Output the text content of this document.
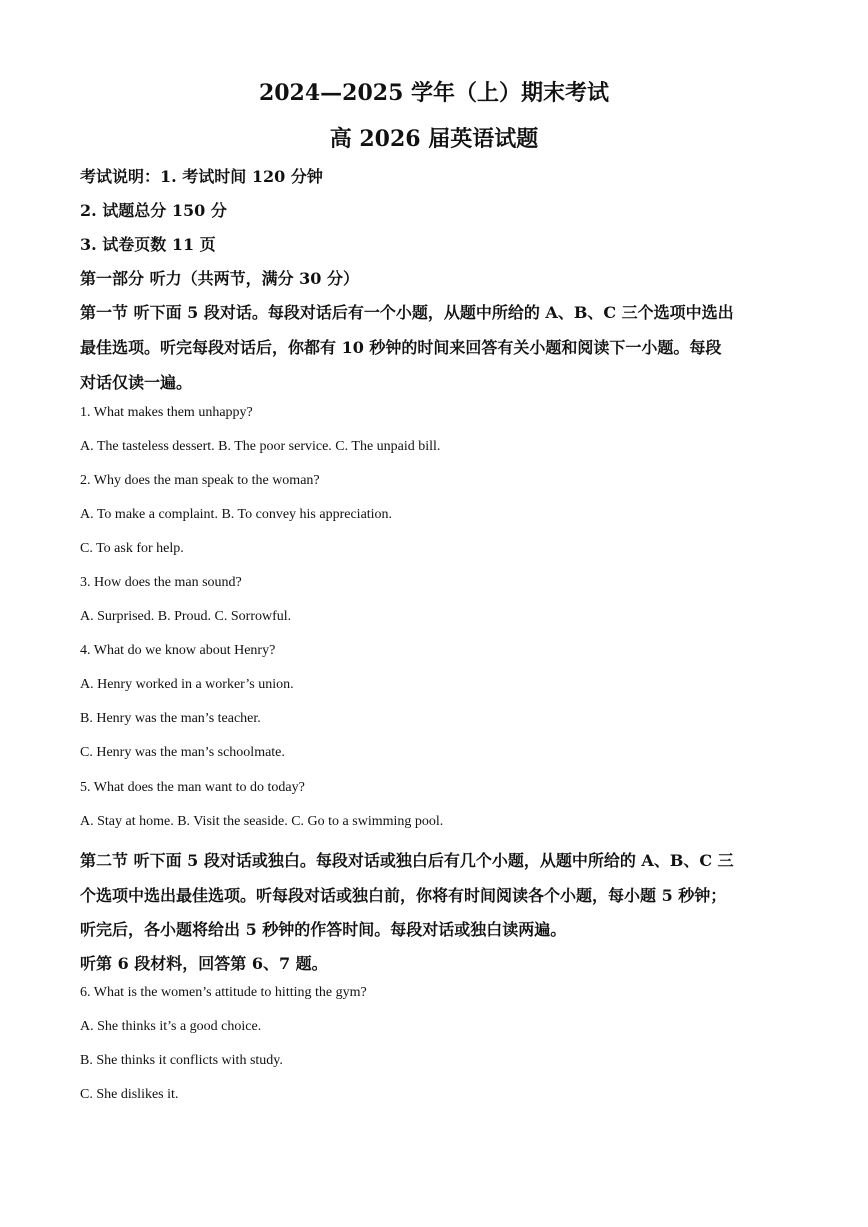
2024—2025 学年（上）期末考试
高 2026 届英语试题
考试说明：1. 考试时间 120 分钟
2. 试题总分 150 分
3. 试卷页数 11 页
第一部分 听力（共两节，满分 30 分）
第一节 听下面 5 段对话。每段对话后有一个小题，从题中所给的 A、B、C 三个选项中选出
最佳选项。听完每段对话后，你都有 10 秒钟的时间来回答有关小题和阅读下一小题。每段
对话仅读一遍。
1. What makes them unhappy?
A. The tasteless dessert. B. The poor service. C. The unpaid bill.
2. Why does the man speak to the woman?
A. To make a complaint. B. To convey his appreciation.
C. To ask for help.
3. How does the man sound?
A. Surprised. B. Proud. C. Sorrowful.
4. What do we know about Henry?
A. Henry worked in a worker’s union.
B. Henry was the man’s teacher.
C. Henry was the man’s schoolmate.
5. What does the man want to do today?
A. Stay at home. B. Visit the seaside. C. Go to a swimming pool.
第二节 听下面 5 段对话或独白。每段对话或独白后有几个小题，从题中所给的 A、B、C 三
个选项中选出最佳选项。听每段对话或独白前，你将有时间阅读各个小题，每小题 5 秒钟；
听完后，各小题将给出 5 秒钟的作答时间。每段对话或独白读两遍。
听第 6 段材料，回答第 6、7 题。
6. What is the women’s attitude to hitting the gym?
A. She thinks it’s a good choice.
B. She thinks it conflicts with study.
C. She dislikes it.
